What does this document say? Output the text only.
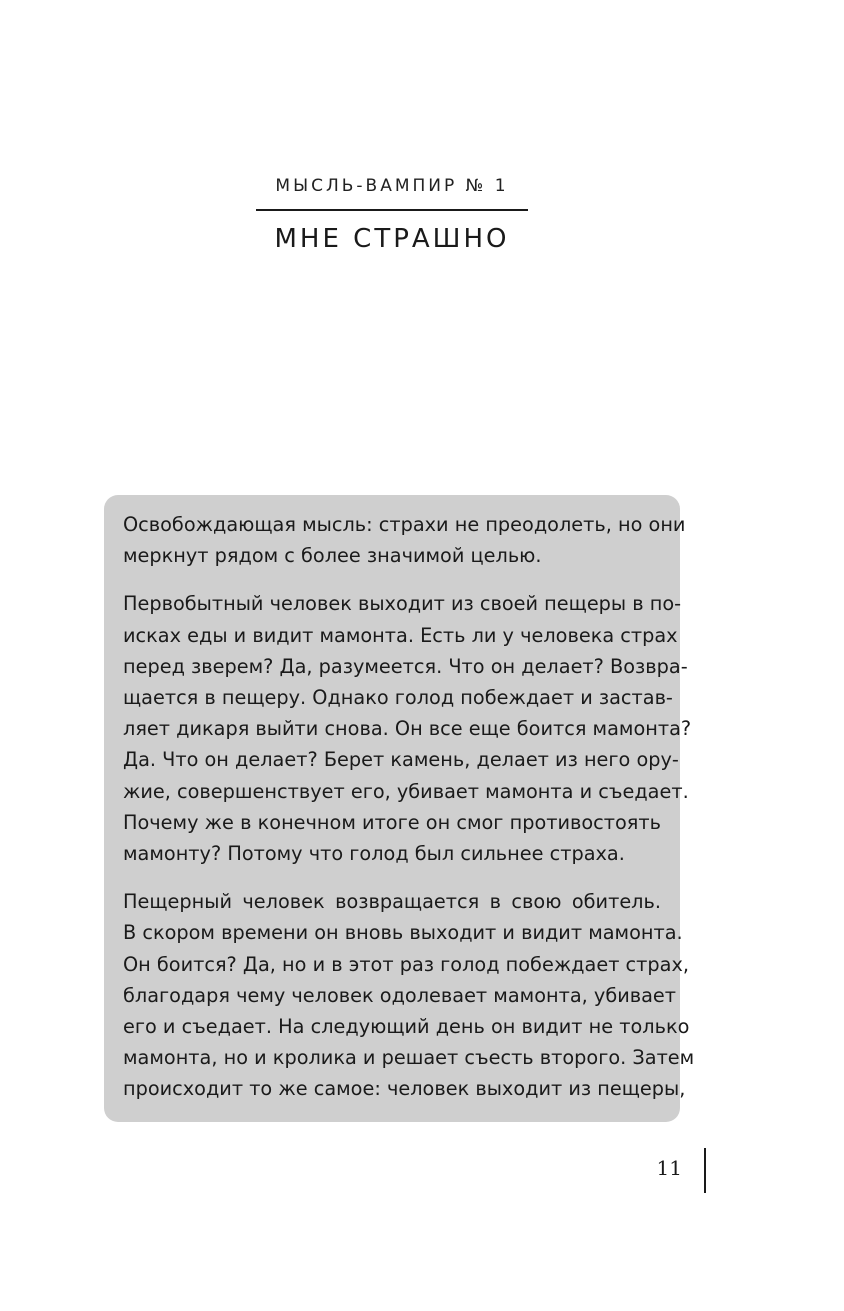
МЫСЛЬ-ВАМПИР № 1
МНЕ СТРАШНО

Освобождающая мысль: страхи не преодолеть, но они
меркнут рядом с более значимой целью.

Первобытный человек выходит из своей пещеры в по-
исках еды и видит мамонта. Есть ли у человека страх
перед зверем? Да, разумеется. Что он делает? Возвра-
щается в пещеру. Однако голод побеждает и застав-
ляет дикаря выйти снова. Он все еще боится мамонта?
Да. Что он делает? Берет камень, делает из него ору-
жие, совершенствует его, убивает мамонта и съедает.
Почему же в конечном итоге он смог противостоять
мамонту? Потому что голод был сильнее страха.

Пещерный человек возвращается в свою обитель.
В скором времени он вновь выходит и видит мамонта.
Он боится? Да, но и в этот раз голод побеждает страх,
благодаря чему человек одолевает мамонта, убивает
его и съедает. На следующий день он видит не только
мамонта, но и кролика и решает съесть второго. Затем
происходит то же самое: человек выходит из пещеры,

11
